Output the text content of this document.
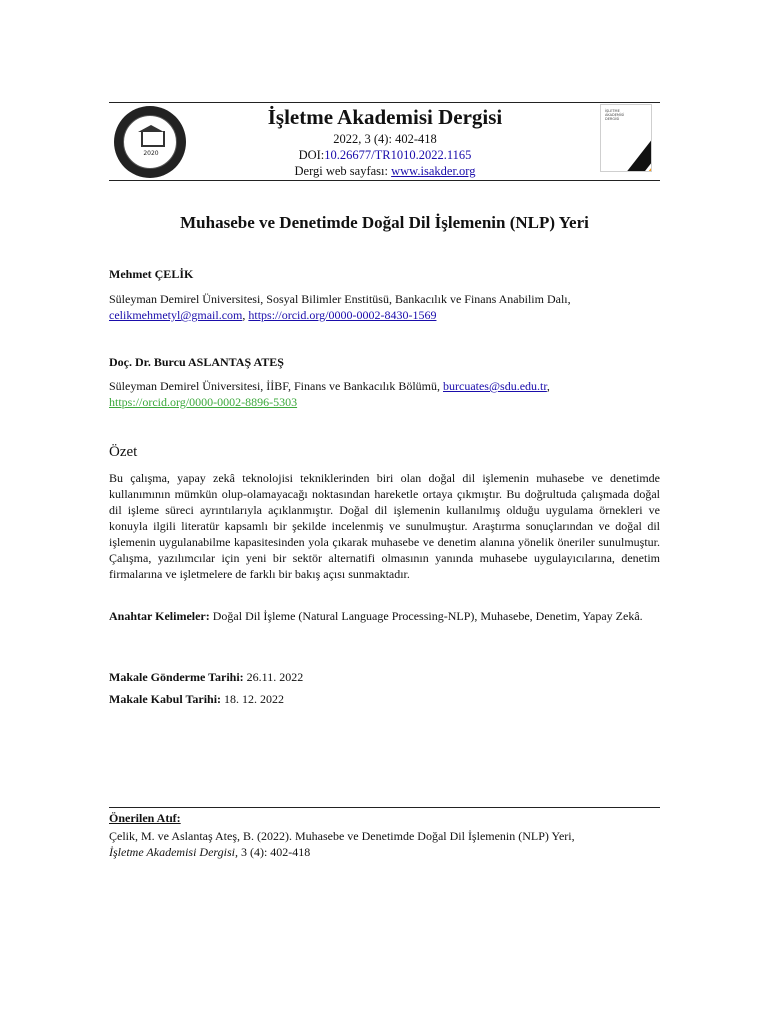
2020
İşletme Akademisi Dergisi
2022, 3 (4): 402-418
DOI:10.26677/TR1010.2022.1165
Dergi web sayfası: www.isakder.org
İŞLETME AKADEMİSİ DERGİSİ
Muhasebe ve Denetimde Doğal Dil İşlemenin (NLP) Yeri
Mehmet ÇELİK
Süleyman Demirel Üniversitesi, Sosyal Bilimler Enstitüsü, Bankacılık ve Finans Anabilim Dalı,
celikmehmetyl@gmail.com, https://orcid.org/0000-0002-8430-1569
Doç. Dr. Burcu ASLANTAŞ ATEŞ
Süleyman Demirel Üniversitesi, İİBF, Finans ve Bankacılık Bölümü, burcuates@sdu.edu.tr,
https://orcid.org/0000-0002-8896-5303
Özet
Bu çalışma, yapay zekâ teknolojisi tekniklerinden biri olan doğal dil işlemenin muhasebe ve denetimde kullanımının mümkün olup-olamayacağı noktasından hareketle ortaya çıkmıştır. Bu doğrultuda çalışmada doğal dil işleme süreci ayrıntılarıyla açıklanmıştır. Doğal dil işlemenin kullanılmış olduğu uygulama örnekleri ve konuyla ilgili literatür kapsamlı bir şekilde incelenmiş ve sunulmuştur. Araştırma sonuçlarından ve doğal dil işlemenin uygulanabilme kapasitesinden yola çıkarak muhasebe ve denetim alanına yönelik öneriler sunulmuştur. Çalışma, yazılımcılar için yeni bir sektör alternatifi olmasının yanında muhasebe uygulayıcılarına, denetim firmalarına ve işletmelere de farklı bir bakış açısı sunmaktadır.
Anahtar Kelimeler: Doğal Dil İşleme (Natural Language Processing-NLP), Muhasebe, Denetim, Yapay Zekâ.
Makale Gönderme Tarihi: 26.11. 2022
Makale Kabul Tarihi: 18. 12. 2022
Önerilen Atıf:
Çelik, M. ve Aslantaş Ateş, B. (2022). Muhasebe ve Denetimde Doğal Dil İşlemenin (NLP) Yeri,
İşletme Akademisi Dergisi, 3 (4): 402-418
